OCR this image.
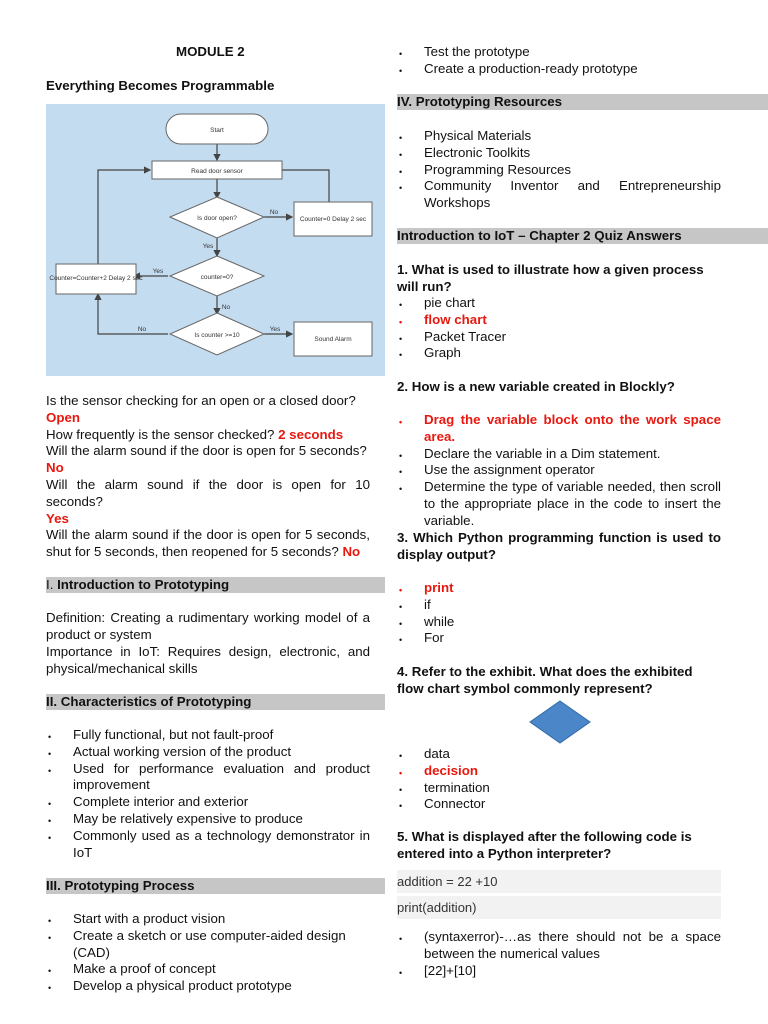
MODULE 2
Everything Becomes Programmable
Start
Read door sensor
Is door open?	Counter=0 Delay 2 sec
counter=0?
Counter=Counter+2 Delay 2 sec
Is counter >=10
Sound Alarm
No
Yes
Yes
No
No	Yes
Is the sensor checking for an open or a closed door?
Open
How frequently is the sensor checked? 2 seconds
Will the alarm sound if the door is open for 5 seconds?
No
Will the alarm sound if the door is open for 10 seconds?
Yes
Will the alarm sound if the door is open for 5 seconds, shut for 5 seconds, then reopened for 5 seconds? No
I. Introduction to Prototyping
Definition: Creating a rudimentary working model of a product or system
Importance in IoT: Requires design, electronic, and physical/mechanical skills
II. Characteristics of Prototyping
• Fully functional, but not fault-proof
• Actual working version of the product
• Used for performance evaluation and product improvement
• Complete interior and exterior
• May be relatively expensive to produce
• Commonly used as a technology demonstrator in IoT
III. Prototyping Process
• Start with a product vision
• Create a sketch or use computer-aided design (CAD)
• Make a proof of concept
• Develop a physical product prototype
• Test the prototype
• Create a production-ready prototype
IV. Prototyping Resources
• Physical Materials
• Electronic Toolkits
• Programming Resources
• Community Inventor and Entrepreneurship Workshops
Introduction to IoT – Chapter 2 Quiz Answers
1. What is used to illustrate how a given process will run?
• pie chart
• flow chart
• Packet Tracer
• Graph
2. How is a new variable created in Blockly?
• Drag the variable block onto the work space area.
• Declare the variable in a Dim statement.
• Use the assignment operator
• Determine the type of variable needed, then scroll to the appropriate place in the code to insert the variable.
3. Which Python programming function is used to display output?
• print
• if
• while
• For
4. Refer to the exhibit. What does the exhibited flow chart symbol commonly represent?
• data
• decision
• termination
• Connector
5. What is displayed after the following code is entered into a Python interpreter?
addition = 22 +10
print(addition)
• (syntaxerror)-…as there should not be a space between the numerical values
• [22]+[10]
